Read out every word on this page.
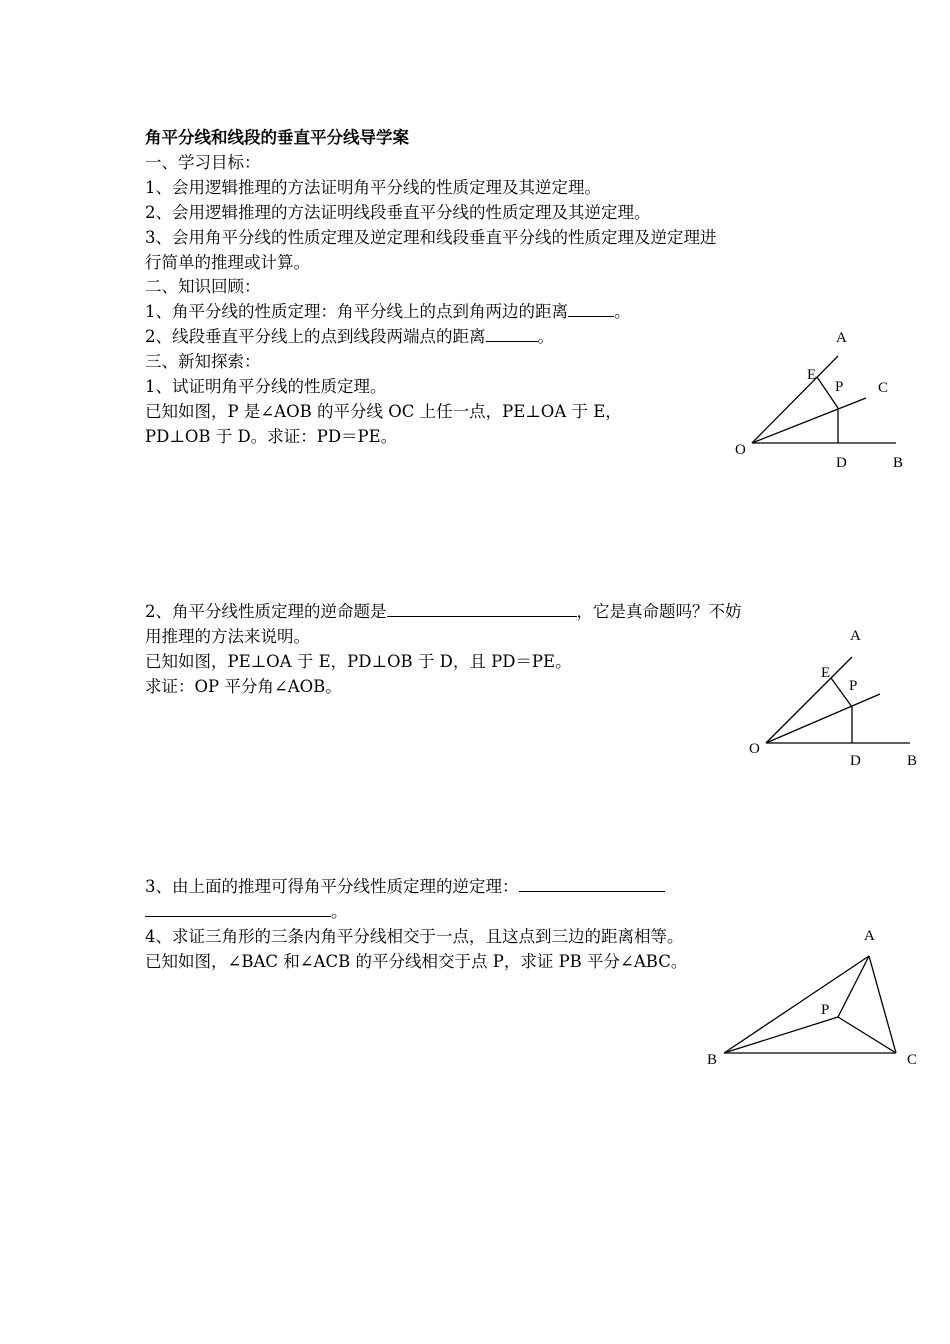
角平分线和线段的垂直平分线导学案
一、学习目标：
1、会用逻辑推理的方法证明角平分线的性质定理及其逆定理。
2、会用逻辑推理的方法证明线段垂直平分线的性质定理及其逆定理。
3、会用角平分线的性质定理及逆定理和线段垂直平分线的性质定理及逆定理进
行简单的推理或计算。
二、知识回顾：
1、角平分线的性质定理：角平分线上的点到角两边的距离	。
2、线段垂直平分线上的点到线段两端点的距离	。
三、新知探索：
1、试证明角平分线的性质定理。
已知如图，P 是∠AOB 的平分线 OC 上任一点，PE⊥OA 于 E，
PD⊥OB 于 D。求证：PD＝PE。
2、角平分线性质定理的逆命题是	，它是真命题吗？不妨
用推理的方法来说明。
已知如图，PE⊥OA 于 E，PD⊥OB 于 D，且 PD＝PE。
求证：OP 平分角∠AOB。
3、由上面的推理可得角平分线性质定理的逆定理：
。
4、求证三角形的三条内角平分线相交于一点，且这点到三边的距离相等。
已知如图，∠BAC 和∠ACB 的平分线相交于点 P，求证 PB 平分∠ABC。
A
E
P C
O
D	B
A
E
P
O
D	B
A
P
B	C
